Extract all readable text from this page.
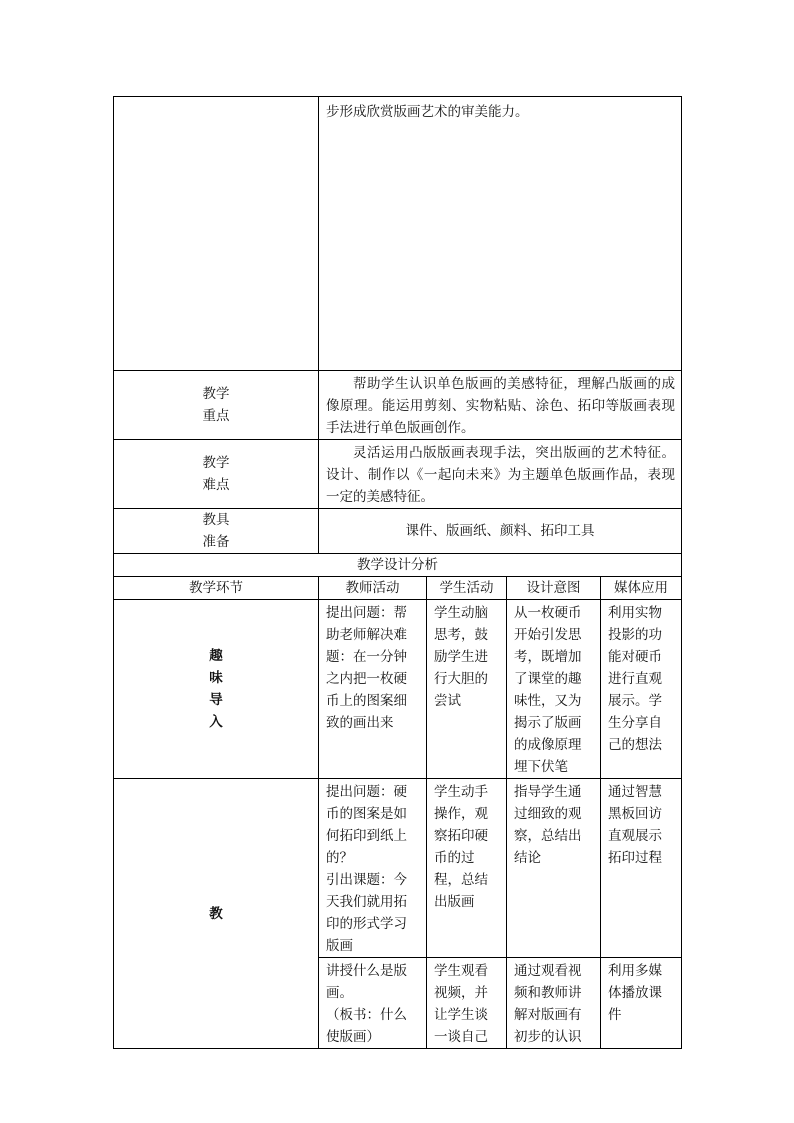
	步形成欣赏版画艺术的审美能力。			

教学
重点	帮助学生认识单色版画的美感特征，理解凸版画的成像原理。能运用剪刻、实物粘贴、涂色、拓印等版画表现手法进行单色版画创作。			

教学
难点	灵活运用凸版版画表现手法，突出版画的艺术特征。设计、制作以《一起向未来》为主题单色版画作品，表现一定的美感特征。			

教具
准备	课件、版画纸、颜料、拓印工具			

教学设计分析				
教学环节	教师活动	学生活动	设计意图	媒体应用

趣
味
导
入	提出问题：帮助老师解决难题：在一分钟之内把一枚硬币上的图案细致的画出来	学生动脑思考，鼓励学生进行大胆的尝试	从一枚硬币开始引发思考，既增加了课堂的趣味性，又为揭示了版画的成像原理埋下伏笔	利用实物投影的功能对硬币进行直观展示。学生分享自己的想法

教	提出问题：硬币的图案是如何拓印到纸上的？
引出课题：今天我们就用拓印的形式学习版画	学生动手操作，观察拓印硬币的过程，总结出版画	指导学生通过细致的观察，总结出结论	通过智慧黑板回访直观展示拓印过程

	讲授什么是版画。
（板书：什么使版画）	学生观看视频，并让学生谈一谈自己	通过观看视频和教师讲解对版画有初步的认识	利用多媒体播放课件
